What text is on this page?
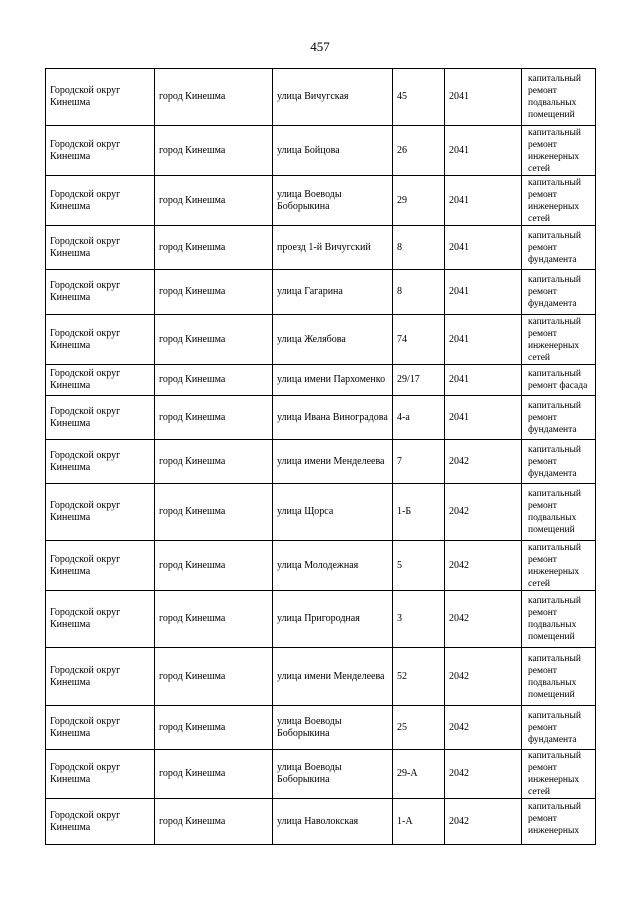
457
Городской округ Кинешма	город Кинешма	улица Вичугская	45	2041	капитальный ремонт подвальных помещений
Городской округ Кинешма	город Кинешма	улица Бойцова	26	2041	капитальный ремонт инженерных сетей
Городской округ Кинешма	город Кинешма	улица Воеводы Боборыкина	29	2041	капитальный ремонт инженерных сетей
Городской округ Кинешма	город Кинешма	проезд 1-й Вичугский	8	2041	капитальный ремонт фундамента
Городской округ Кинешма	город Кинешма	улица Гагарина	8	2041	капитальный ремонт фундамента
Городской округ Кинешма	город Кинешма	улица Желябова	74	2041	капитальный ремонт инженерных сетей
Городской округ Кинешма	город Кинешма	улица имени Пархоменко	29/17	2041	капитальный ремонт фасада
Городской округ Кинешма	город Кинешма	улица Ивана Виноградова	4-а	2041	капитальный ремонт фундамента
Городской округ Кинешма	город Кинешма	улица имени Менделеева	7	2042	капитальный ремонт фундамента
Городской округ Кинешма	город Кинешма	улица Щорса	1-Б	2042	капитальный ремонт подвальных помещений
Городской округ Кинешма	город Кинешма	улица Молодежная	5	2042	капитальный ремонт инженерных сетей
Городской округ Кинешма	город Кинешма	улица Пригородная	3	2042	капитальный ремонт подвальных помещений
Городской округ Кинешма	город Кинешма	улица имени Менделеева	52	2042	капитальный ремонт подвальных помещений
Городской округ Кинешма	город Кинешма	улица Воеводы Боборыкина	25	2042	капитальный ремонт фундамента
Городской округ Кинешма	город Кинешма	улица Воеводы Боборыкина	29-А	2042	капитальный ремонт инженерных сетей
Городской округ Кинешма	город Кинешма	улица Наволокская	1-А	2042	капитальный ремонт инженерных
